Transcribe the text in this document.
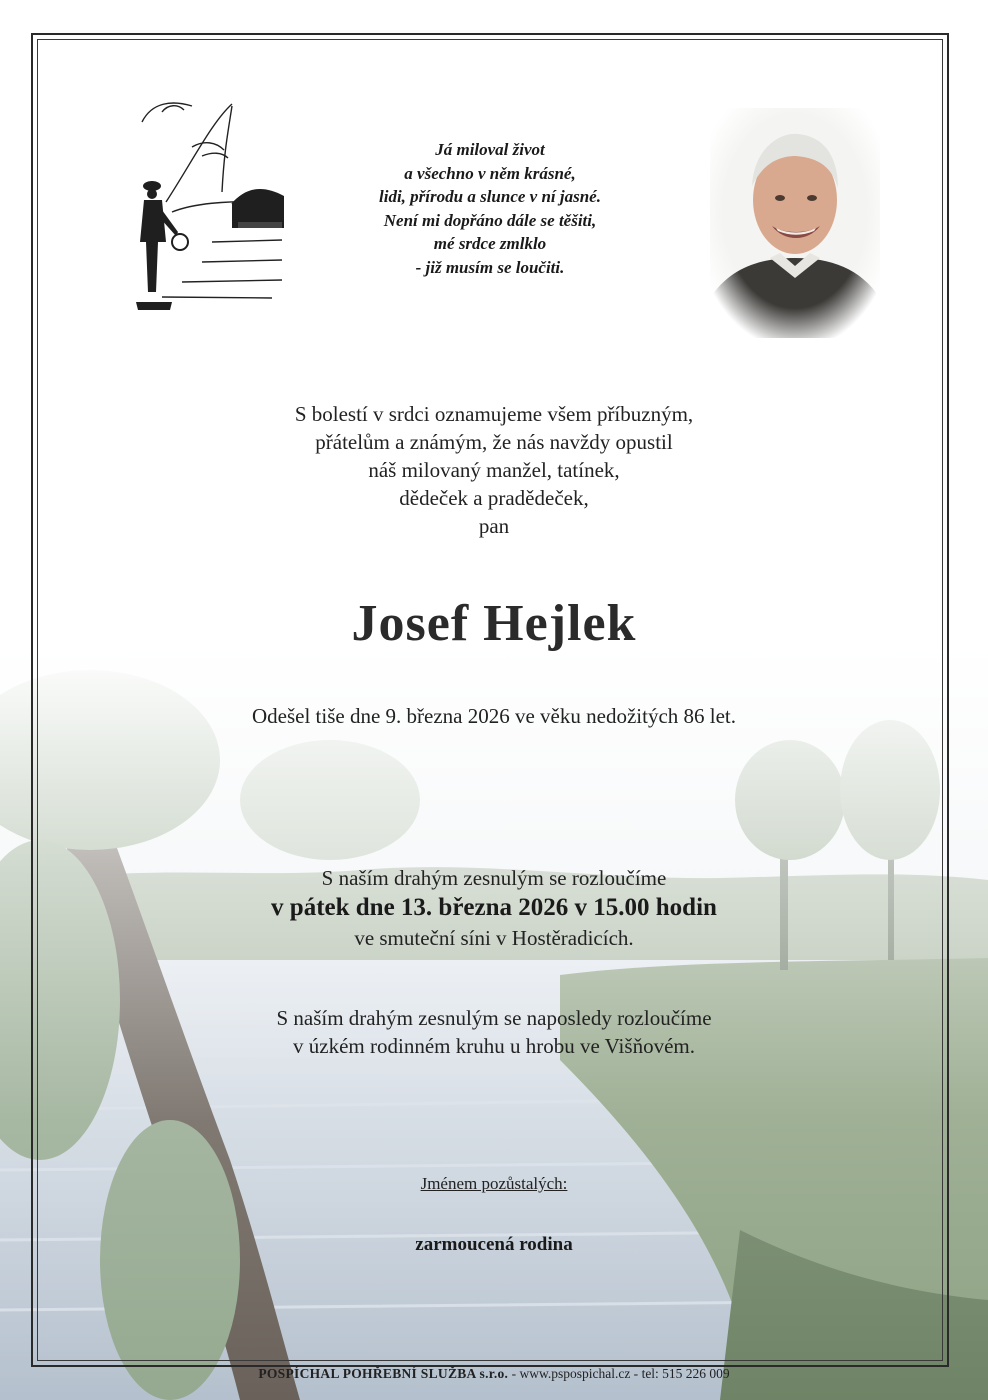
Já miloval život
a všechno v něm krásné,
lidi, přírodu a slunce v ní jasné.
Není mi dopřáno dále se těšiti,
mé srdce zmlklo
- již musím se loučiti.
S bolestí v srdci oznamujeme všem příbuzným,
přátelům a známým, že nás navždy opustil
náš milovaný manžel, tatínek,
dědeček a pradědeček,
pan
Josef Hejlek
Odešel tiše dne 9. března 2026 ve věku nedožitých 86 let.
S naším drahým zesnulým se rozloučíme
v pátek dne 13. března 2026 v 15.00 hodin
ve smuteční síni v Hostěradicích.
S naším drahým zesnulým se naposledy rozloučíme
v úzkém rodinném kruhu u hrobu ve Višňovém.
Jménem pozůstalých:
zarmoucená rodina
POSPÍCHAL POHŘEBNÍ SLUŽBA s.r.o. - www.pspospichal.cz - tel: 515 226 009
